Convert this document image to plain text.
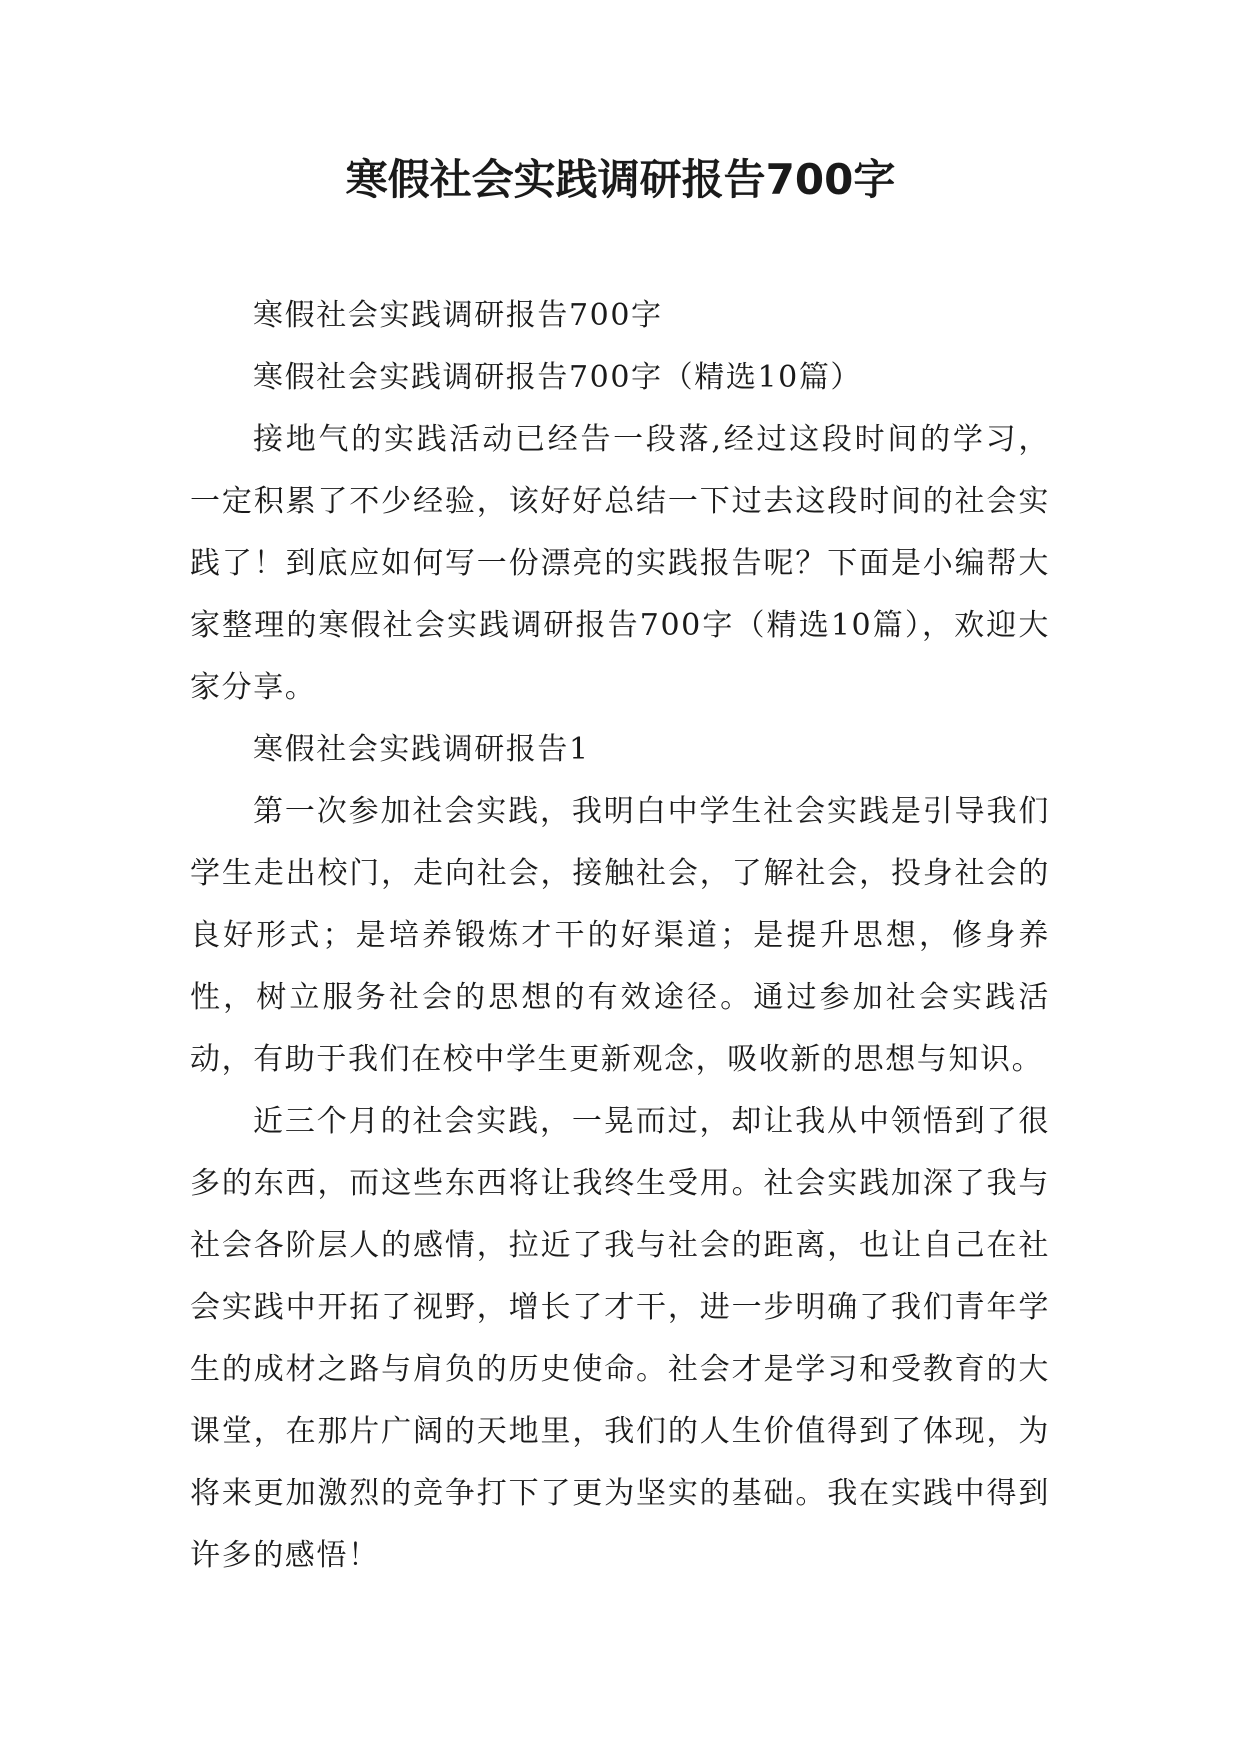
寒假社会实践调研报告700字

寒假社会实践调研报告700字

寒假社会实践调研报告700字（精选10篇）

接地气的实践活动已经告一段落,经过这段时间的学习，一定积累了不少经验，该好好总结一下过去这段时间的社会实践了！到底应如何写一份漂亮的实践报告呢？下面是小编帮大家整理的寒假社会实践调研报告700字（精选10篇），欢迎大家分享。

寒假社会实践调研报告1

第一次参加社会实践，我明白中学生社会实践是引导我们学生走出校门，走向社会，接触社会，了解社会，投身社会的良好形式；是培养锻炼才干的好渠道；是提升思想，修身养性，树立服务社会的思想的有效途径。通过参加社会实践活动，有助于我们在校中学生更新观念，吸收新的思想与知识。

近三个月的社会实践，一晃而过，却让我从中领悟到了很多的东西，而这些东西将让我终生受用。社会实践加深了我与社会各阶层人的感情，拉近了我与社会的距离，也让自己在社会实践中开拓了视野，增长了才干，进一步明确了我们青年学生的成材之路与肩负的历史使命。社会才是学习和受教育的大课堂，在那片广阔的天地里，我们的人生价值得到了体现，为将来更加激烈的竞争打下了更为坚实的基础。我在实践中得到许多的感悟！
